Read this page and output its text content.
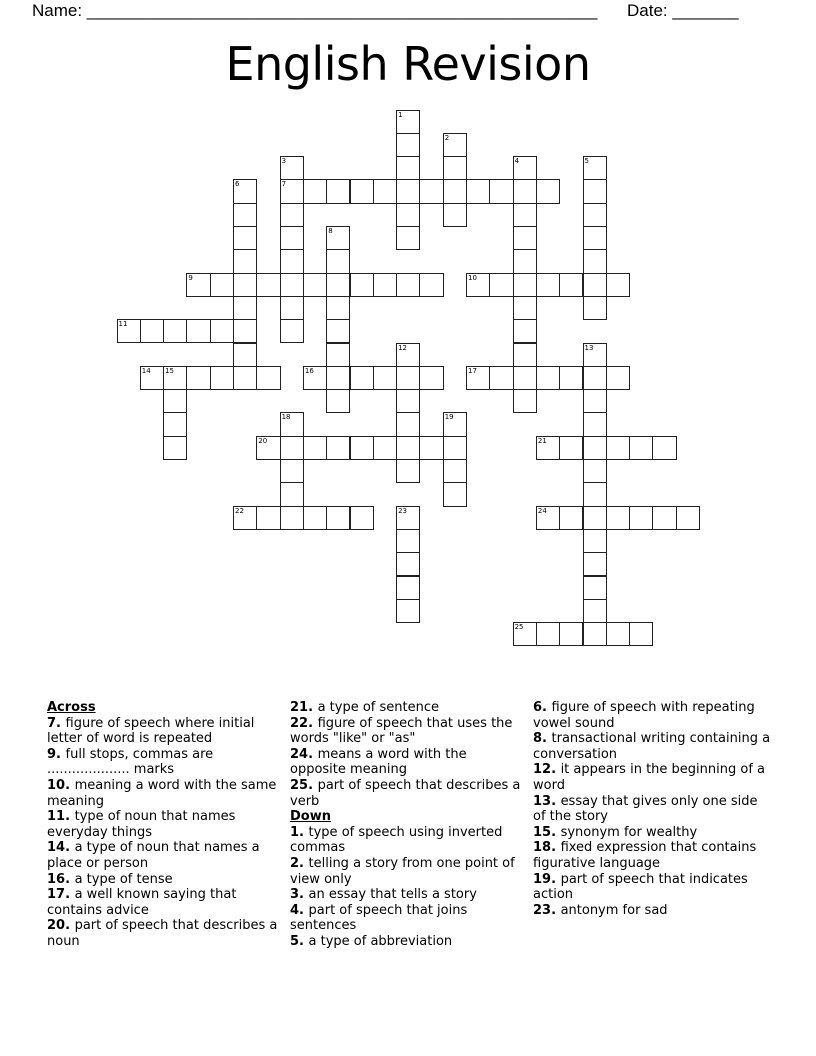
Name: ______________________________________________________ Date: _______
English Revision
7
9	10
11
14 15	16	17
20	21
22	24
25
1
2
3	4	5
6
8
12	13
18	19
23
Across
7. figure of speech where initial letter of word is repeated
9. full stops, commas are .................... marks
10. meaning a word with the same meaning
11. type of noun that names everyday things
14. a type of noun that names a place or person
16. a type of tense
17. a well known saying that contains advice
20. part of speech that describes a noun
21. a type of sentence
22. figure of speech that uses the words "like" or "as"
24. means a word with the opposite meaning
25. part of speech that describes a verb
Down
1. type of speech using inverted commas
2. telling a story from one point of view only
3. an essay that tells a story
4. part of speech that joins sentences
5. a type of abbreviation
6. figure of speech with repeating vowel sound
8. transactional writing containing a conversation
12. it appears in the beginning of a word
13. essay that gives only one side of the story
15. synonym for wealthy
18. fixed expression that contains figurative language
19. part of speech that indicates action
23. antonym for sad
